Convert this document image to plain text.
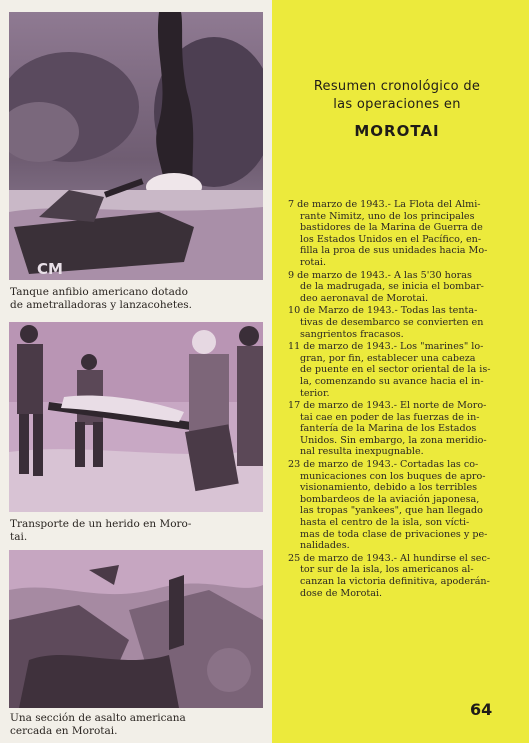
CM
Tanque anfibio americano dotado
de ametralladoras y lanzacohetes.
Transporte de un herido en Moro-
tai.
Una sección de asalto americana
cercada en Morotai.
Resumen cronológico de
las operaciones en
MOROTAI
7 de marzo de 1943.- La Flota del Almi-
rante Nimitz, uno de los principales
bastidores de la Marina de Guerra de
los Estados Unidos en el Pacífico, en-
filla la proa de sus unidades hacia Mo-
rotai.
9 de marzo de 1943.- A las 5'30 horas
de la madrugada, se inicia el bombar-
deo aeronaval de Morotai.
10 de Marzo de 1943.- Todas las tenta-
tivas de desembarco se convierten en
sangrientos fracasos.
11 de marzo de 1943.- Los "marines" lo-
gran, por fin, establecer una cabeza
de puente en el sector oriental de la is-
la, comenzando su avance hacia el in-
terior.
17 de marzo de 1943.- El norte de Moro-
tai cae en poder de las fuerzas de in-
fantería de la Marina de los Estados
Unidos. Sin embargo, la zona meridio-
nal resulta inexpugnable.
23 de marzo de 1943.- Cortadas las co-
municaciones con los buques de apro-
visionamiento, debido a los terribles
bombardeos de la aviación japonesa,
las tropas "yankees", que han llegado
hasta el centro de la isla, son vícti-
mas de toda clase de privaciones y pe-
nalidades.
25 de marzo de 1943.- Al hundirse el sec-
tor sur de la isla, los americanos al-
canzan la victoria definitiva, apoderán-
dose de Morotai.
64
